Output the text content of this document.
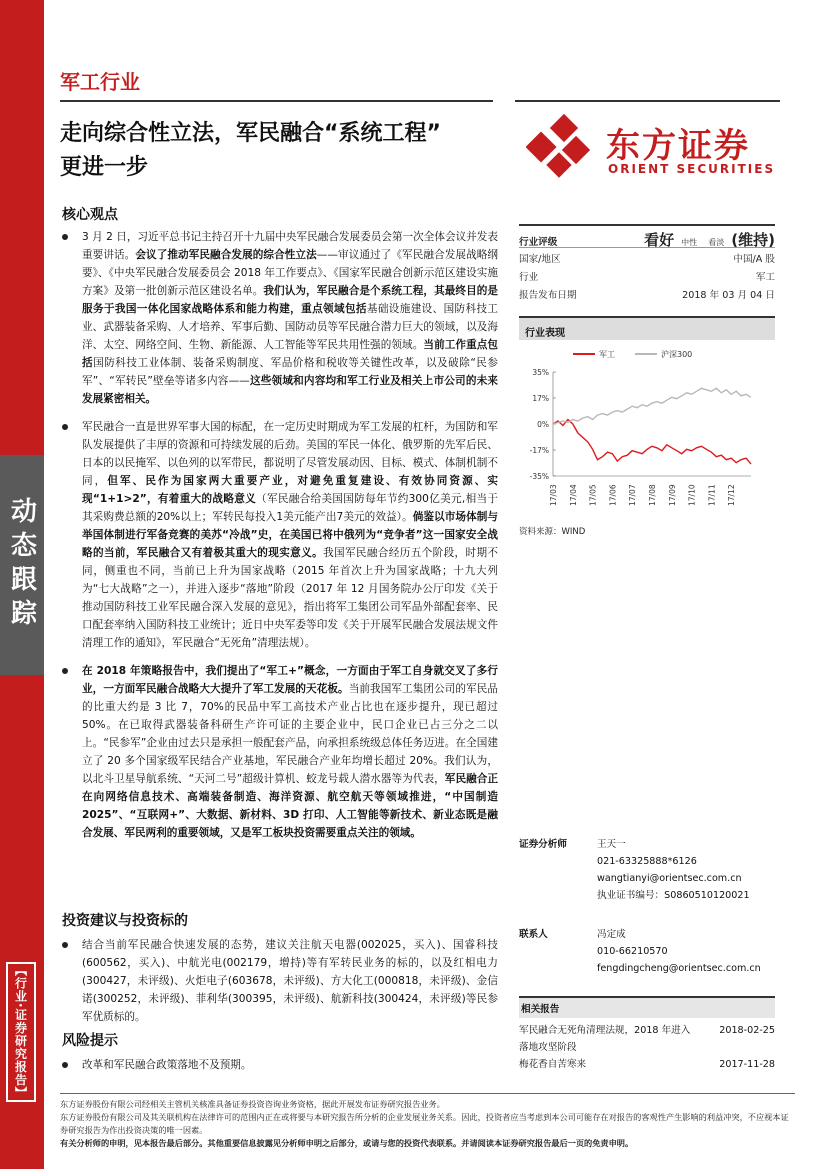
动态跟踪
【行业·证券研究报告】
军工行业
走向综合性立法，军民融合“系统工程”
更进一步
东方证券
ORIENT SECURITIES
核心观点
3 月 2 日，习近平总书记主持召开十九届中央军民融合发展委员会第一次全体会议并发表重要讲话。会议了推动军民融合发展的综合性立法——审议通过了《军民融合发展战略纲要》、《中央军民融合发展委员会 2018 年工作要点》、《国家军民融合创新示范区建设实施方案》及第一批创新示范区建设名单。我们认为，军民融合是个系统工程，其最终目的是服务于我国一体化国家战略体系和能力构建，重点领域包括基础设施建设、国防科技工业、武器装备采购、人才培养、军事后勤、国防动员等军民融合潜力巨大的领域，以及海洋、太空、网络空间、生物、新能源、人工智能等军民共用性强的领域。当前工作重点包括国防科技工业体制、装备采购制度、军品价格和税收等关键性改革，以及破除“民参军”、“军转民”壁垒等诸多内容——这些领域和内容均和军工行业及相关上市公司的未来发展紧密相关。
军民融合一直是世界军事大国的标配，在一定历史时期成为军工发展的杠杆，为国防和军队发展提供了丰厚的资源和可持续发展的后劲。美国的军民一体化、俄罗斯的先军后民、日本的以民掩军、以色列的以军带民，都说明了尽管发展动因、目标、模式、体制机制不同，但军、民作为国家两大重要产业，对避免重复建设、有效协同资源、实现“1+1>2”，有着重大的战略意义（军民融合给美国国防每年节约300亿美元,相当于其采购费总额的20%以上；军转民每投入1美元能产出7美元的效益）。倘鉴以市场体制与举国体制进行军备竞赛的美苏“冷战”史，在美国已将中俄列为“竞争者”这一国家安全战略的当前，军民融合又有着极其重大的现实意义。我国军民融合经历五个阶段，时期不同，侧重也不同，当前已上升为国家战略（2015 年首次上升为国家战略；十九大列为“七大战略”之一），并进入逐步“落地”阶段（2017 年 12 月国务院办公厅印发《关于推动国防科技工业军民融合深入发展的意见》，指出将军工集团公司军品外部配套率、民口配套率纳入国防科技工业统计；近日中央军委等印发《关于开展军民融合发展法规文件清理工作的通知》，军民融合“无死角”清理法规）。
在 2018 年策略报告中，我们提出了“军工+”概念，一方面由于军工自身就交叉了多行业，一方面军民融合战略大大提升了军工发展的天花板。当前我国军工集团公司的军民品的比重大约是 3 比 7，70%的民品中军工高技术产业占比也在逐步提升，现已超过 50%。在已取得武器装备科研生产许可证的主要企业中，民口企业已占三分之二以上。“民参军”企业由过去只是承担一般配套产品，向承担系统级总体任务迈进。在全国建立了 20 多个国家级军民结合产业基地，军民融合产业年均增长超过 20%。我们认为，以北斗卫星导航系统、“天河二号”超级计算机、蛟龙号载人潜水器等为代表，军民融合正在向网络信息技术、高端装备制造、海洋资源、航空航天等领域推进，“中国制造 2025”、“互联网+”、大数据、新材料、3D 打印、人工智能等新技术、新业态既是融合发展、军民两利的重要领域，又是军工板块投资需要重点关注的领域。
投资建议与投资标的
结合当前军民融合快速发展的态势，建议关注航天电器(002025，买入)、国睿科技(600562，买入)、中航光电(002179，增持)等有军转民业务的标的，以及红相电力(300427，未评级)、火炬电子(603678，未评级)、方大化工(000818，未评级)、金信诺(300252，未评级)、菲利华(300395，未评级)、航新科技(300424，未评级)等民参军优质标的。
风险提示
改革和军民融合政策落地不及预期。
行业评级	看好 中性 看淡 (维持)
国家/地区	中国/A 股
行业	军工
报告发布日期	2018 年 03 月 04 日
行业表现
军工	沪深300
35%
17%
0%
-17%
-35%
17/03 17/04 17/05 17/06 17/07 17/08 17/09 17/10 17/11 17/12
资料来源：WIND
证券分析师	王天一
021-63325888*6126
wangtianyi@orientsec.com.cn
执业证书编号：S0860510120021
联系人	冯定成
010-66210570
fengdingcheng@orientsec.com.cn
相关报告
军民融合无死角清理法规，2018 年进入	2018-02-25
落地攻坚阶段
梅花香自苦寒来	2017-11-28
东方证券股份有限公司经相关主管机关核准具备证券投资咨询业务资格，据此开展发布证券研究报告业务。
东方证券股份有限公司及其关联机构在法律许可的范围内正在或将要与本研究报告所分析的企业发展业务关系。因此，投资者应当考虑到本公司可能存在对报告的客观性产生影响的利益冲突，不应视本证券研究报告为作出投资决策的唯一因素。
有关分析师的申明，见本报告最后部分。其他重要信息披露见分析师申明之后部分，或请与您的投资代表联系。并请阅读本证券研究报告最后一页的免责申明。
